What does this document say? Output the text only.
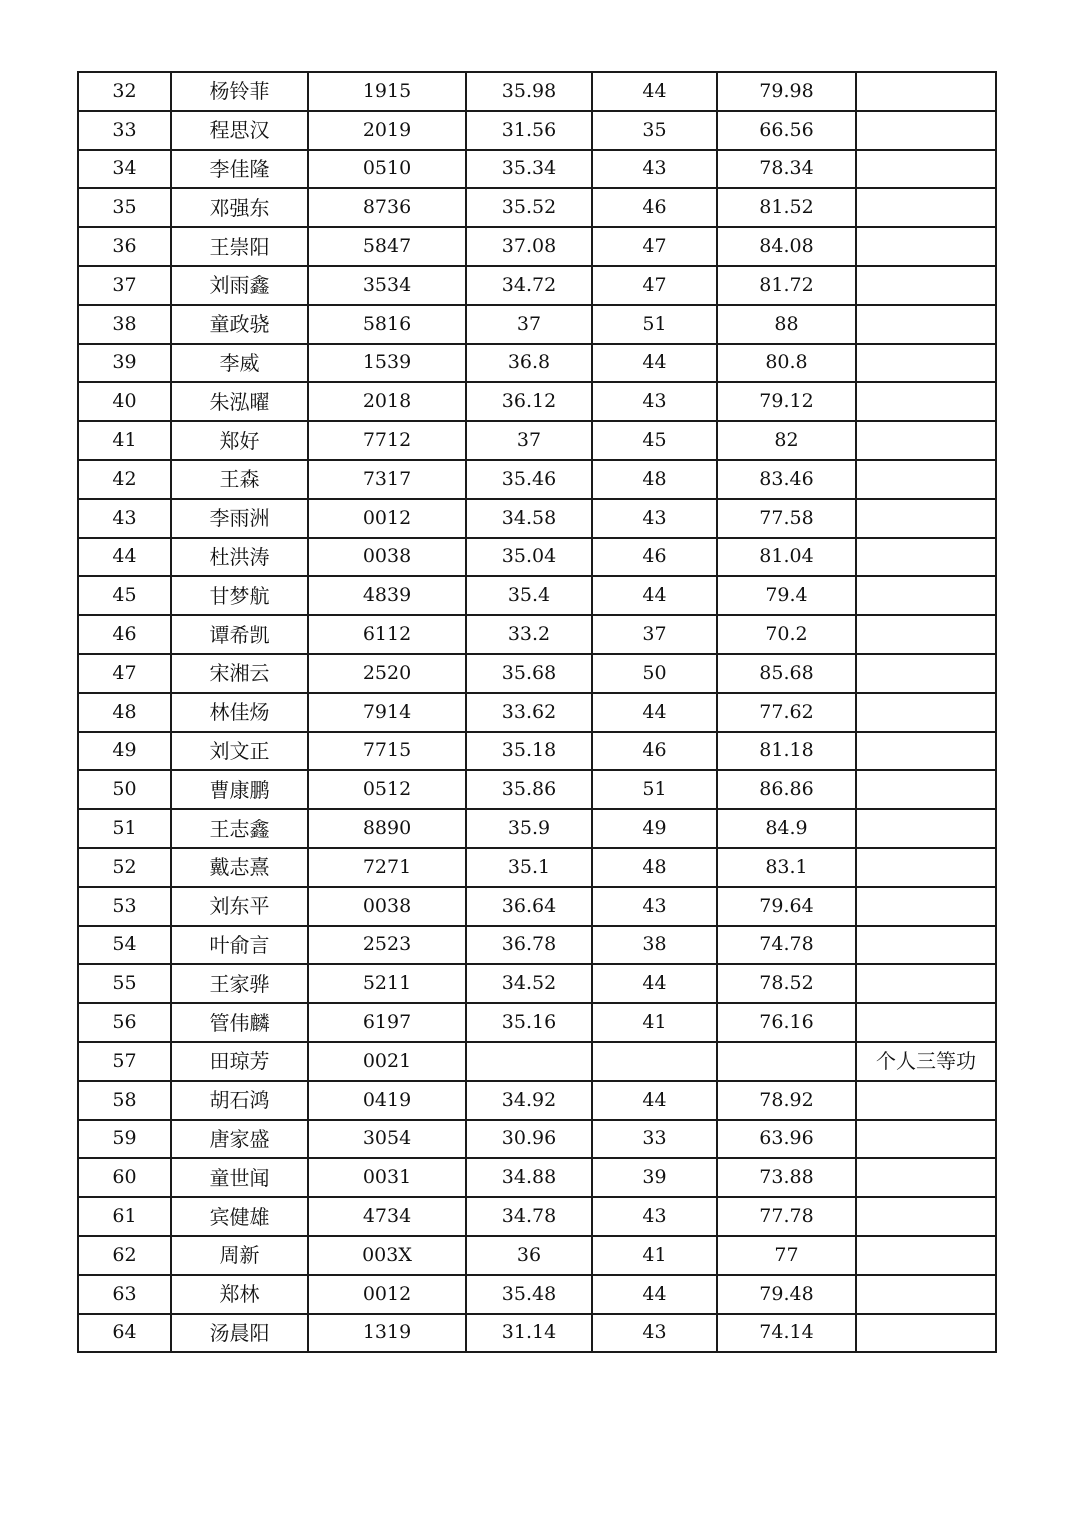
32	杨铃菲	1915	35.98	44	79.98	
33	程思汉	2019	31.56	35	66.56	
34	李佳隆	0510	35.34	43	78.34	
35	邓强东	8736	35.52	46	81.52	
36	王崇阳	5847	37.08	47	84.08	
37	刘雨鑫	3534	34.72	47	81.72	
38	童政骁	5816	37	51	88	
39	李威	1539	36.8	44	80.8	
40	朱泓曜	2018	36.12	43	79.12	
41	郑好	7712	37	45	82	
42	王森	7317	35.46	48	83.46	
43	李雨洲	0012	34.58	43	77.58	
44	杜洪涛	0038	35.04	46	81.04	
45	甘梦航	4839	35.4	44	79.4	
46	谭希凯	6112	33.2	37	70.2	
47	宋湘云	2520	35.68	50	85.68	
48	林佳炀	7914	33.62	44	77.62	
49	刘文正	7715	35.18	46	81.18	
50	曹康鹏	0512	35.86	51	86.86	
51	王志鑫	8890	35.9	49	84.9	
52	戴志熹	7271	35.1	48	83.1	
53	刘东平	0038	36.64	43	79.64	
54	叶俞言	2523	36.78	38	74.78	
55	王家骅	5211	34.52	44	78.52	
56	管伟麟	6197	35.16	41	76.16	
57	田琼芳	0021				个人三等功
58	胡石鸿	0419	34.92	44	78.92	
59	唐家盛	3054	30.96	33	63.96	
60	童世闻	0031	34.88	39	73.88	
61	宾健雄	4734	34.78	43	77.78	
62	周新	003X	36	41	77	
63	郑林	0012	35.48	44	79.48	
64	汤晨阳	1319	31.14	43	74.14	
